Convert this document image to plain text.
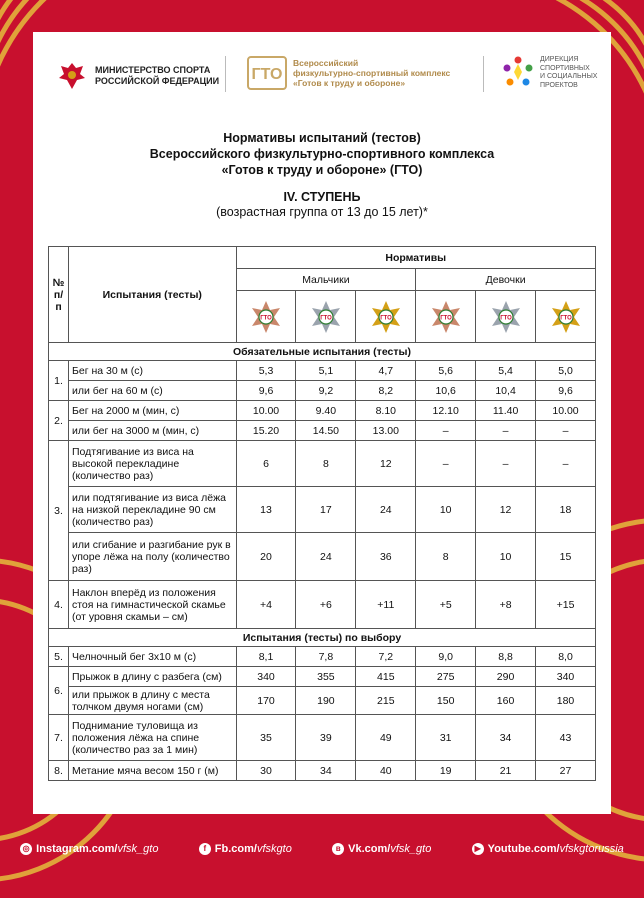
МИНИСТЕРСТВО СПОРТА
РОССИЙСКОЙ ФЕДЕРАЦИИ ГТО
Всероссийский
физкультурно-спортивный комплекс
«Готов к труду и обороне»
ДИРЕКЦИЯ
СПОРТИВНЫХ
И СОЦИАЛЬНЫХ
ПРОЕКТОВ
Нормативы испытаний (тестов)
Всероссийского физкультурно-спортивного комплекса
«Готов к труду и обороне» (ГТО)
IV. СТУПЕНЬ
(возрастная группа от 13 до 15 лет)*
№ п/п	Испытания (тесты)	Нормативы					
		Мальчики			Девочки		

ГТО	ГТО	ГТО	ГТО	ГТО	ГТО

Обязательные испытания (тесты)							
1.	Бег на 30 м (с)	5,3	5,1	4,7	5,6	5,4	5,0
	или бег на 60 м (с)	9,6	9,2	8,2	10,6	10,4	9,6
2.	Бег на 2000 м (мин, с)	10.00	9.40	8.10	12.10	11.40	10.00
	или бег на 3000 м (мин, с)	15.20	14.50	13.00	–	–	–
3.	Подтягивание из виса на высокой перекладине (количество раз)	6	8	12	–	–	–
	или подтягивание из виса лёжа на низкой перекладине 90 см (количество раз)	13	17	24	10	12	18
	или сгибание и разгибание рук в упоре лёжа на полу (количество раз)	20	24	36	8	10	15
4.	Наклон вперёд из положения стоя на гимнастической скамье (от уровня скамьи – см)	+4	+6	+11	+5	+8	+15
Испытания (тесты) по выбору							
5.	Челночный бег 3x10 м (с)	8,1	7,8	7,2	9,0	8,8	8,0
6.	Прыжок в длину с разбега (см)	340	355	415	275	290	340
	или прыжок в длину с места толчком двумя ногами (см)	170	190	215	150	160	180
7.	Поднимание туловища из положения лёжа на спине (количество раз за 1 мин)	35	39	49	31	34	43
8.	Метание мяча весом 150 г (м)	30	34	40	19	21	27
◎ Instagram.com/ vfsk_gto	f Fb.com/ vfskgto	в Vk.com/ vfsk_gto	▶ Youtube.com/ vfskgtorussia
